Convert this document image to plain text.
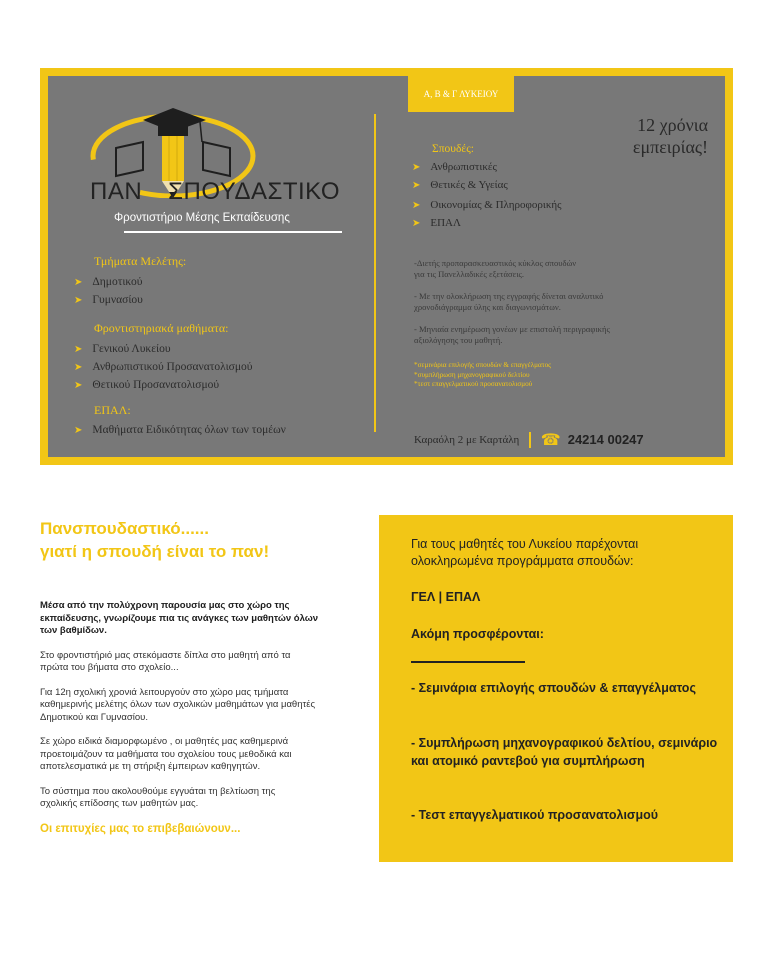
ΠΑΝ ΣΠΟΥΔΑΣΤΙΚΟ
Φροντιστήριο Μέσης Εκπαίδευσης
Τμήματα Μελέτης:
➤ Δημοτικού
➤ Γυμνασίου
Φροντιστηριακά μαθήματα:
➤ Γενικού Λυκείου
➤ Ανθρωπιστικού Προσανατολισμού
➤ Θετικού Προσανατολισμού
ΕΠΑΛ:
➤ Μαθήματα Ειδικότητας όλων των τομέων
Α, Β & Γ ΛΥΚΕΙΟΥ
12 χρόνια
εμπειρίας!
Σπουδές:
➤ Ανθρωπιστικές
➤ Θετικές & Υγείας
➤ Οικονομίας & Πληροφορικής
➤ ΕΠΑΛ
-Διετής προπαρασκευαστικός κύκλος σπουδών
για τις Πανελλαδικές εξετάσεις.
- Με την ολοκλήρωση της εγγραφής δίνεται αναλυτικό
χρονοδιάγραμμα ύλης και διαγωνισμάτων.
- Μηνιαία ενημέρωση γονέων με επιστολή περιγραφικής
αξιολόγησης του μαθητή.
*σεμινάρια επιλογής σπουδών & επαγγέλματος
*συμπλήρωση μηχανογραφικού δελτίου
*τεστ επαγγελματικού προσανατολισμού
Καραόλη 2 με Καρτάλη ☎ 24214 00247
Πανσπουδαστικό......
γιατί η σπουδή είναι το παν!
Μέσα από την πολύχρονη παρουσία μας στο χώρο της εκπαίδευσης, γνωρίζουμε πια τις ανάγκες των μαθητών όλων των βαθμίδων.
Στο φροντιστήριό μας στεκόμαστε δίπλα στο μαθητή από τα πρώτα του βήματα στο σχολείο...
Για 12η σχολική χρονιά λειτουργούν στο χώρο μας τμήματα καθημερινής μελέτης όλων των σχολικών μαθημάτων για μαθητές Δημοτικού και Γυμνασίου.
Σε χώρο ειδικά διαμορφωμένο , οι μαθητές μας καθημερινά προετοιμάζουν τα μαθήματα του σχολείου τους μεθοδικά και αποτελεσματικά με τη στήριξη έμπειρων καθηγητών.
Το σύστημα που ακολουθούμε εγγυάται τη βελτίωση της σχολικής επίδοσης των μαθητών μας.
Οι επιτυχίες μας το επιβεβαιώνουν...
Για τους μαθητές του Λυκείου παρέχονται ολοκληρωμένα προγράμματα σπουδών:
ΓΕΛ | ΕΠΑΛ
Ακόμη προσφέρονται:
- Σεμινάρια επιλογής σπουδών & επαγγέλματος
- Συμπλήρωση μηχανογραφικού δελτίου, σεμινάριο και ατομικό ραντεβού για συμπλήρωση
- Τεστ επαγγελματικού προσανατολισμού
